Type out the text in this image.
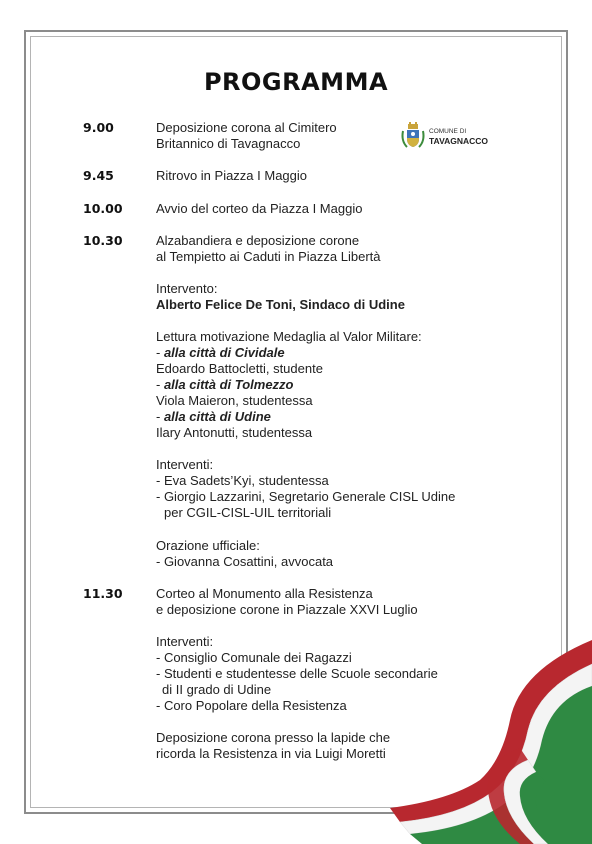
PROGRAMMA
COMUNE DI
TAVAGNACCO
9.00	Deposizione corona al Cimitero
Britannico di Tavagnacco
9.45	Ritrovo in Piazza I Maggio
10.00	Avvio del corteo da Piazza I Maggio
10.30	Alzabandiera e deposizione corone
al Tempietto ai Caduti in Piazza Libertà
Intervento:
Alberto Felice De Toni, Sindaco di Udine
Lettura motivazione Medaglia al Valor Militare:
- alla città di Cividale
Edoardo Battocletti, studente
- alla città di Tolmezzo
Viola Maieron, studentessa
- alla città di Udine
Ilary Antonutti, studentessa
Interventi:
- Eva Sadets’Kyi, studentessa
- Giorgio Lazzarini, Segretario Generale CISL Udine
per CGIL-CISL-UIL territoriali
Orazione ufficiale:
- Giovanna Cosattini, avvocata
11.30	Corteo al Monumento alla Resistenza
e deposizione corone in Piazzale XXVI Luglio
Interventi:
- Consiglio Comunale dei Ragazzi
- Studenti e studentesse delle Scuole secondarie
di II grado di Udine
- Coro Popolare della Resistenza
Deposizione corona presso la lapide che
ricorda la Resistenza in via Luigi Moretti
